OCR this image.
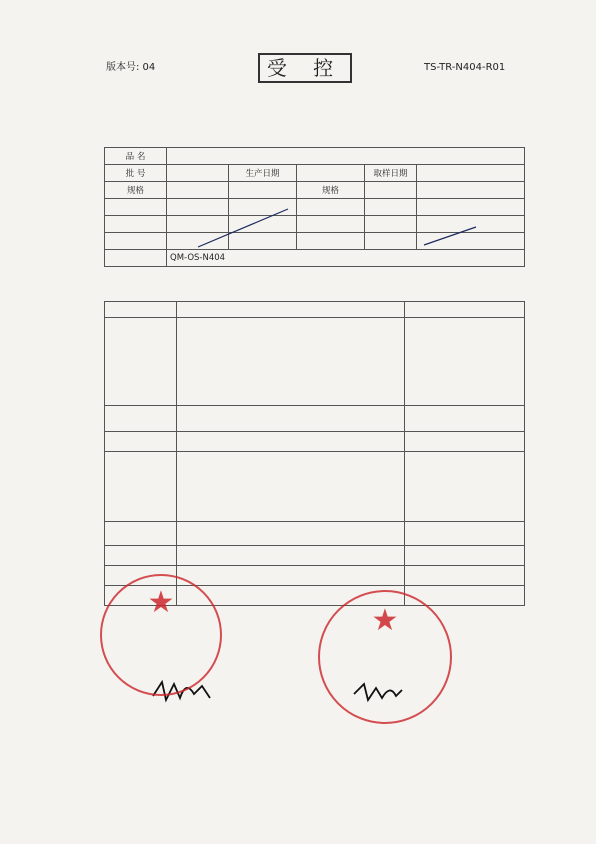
版本号: 04	受 控	TS-TR-N404-R01
品 名					
批 号		生产日期		取样日期	
规格			规格		

	QM-OS-N404				

★
★
